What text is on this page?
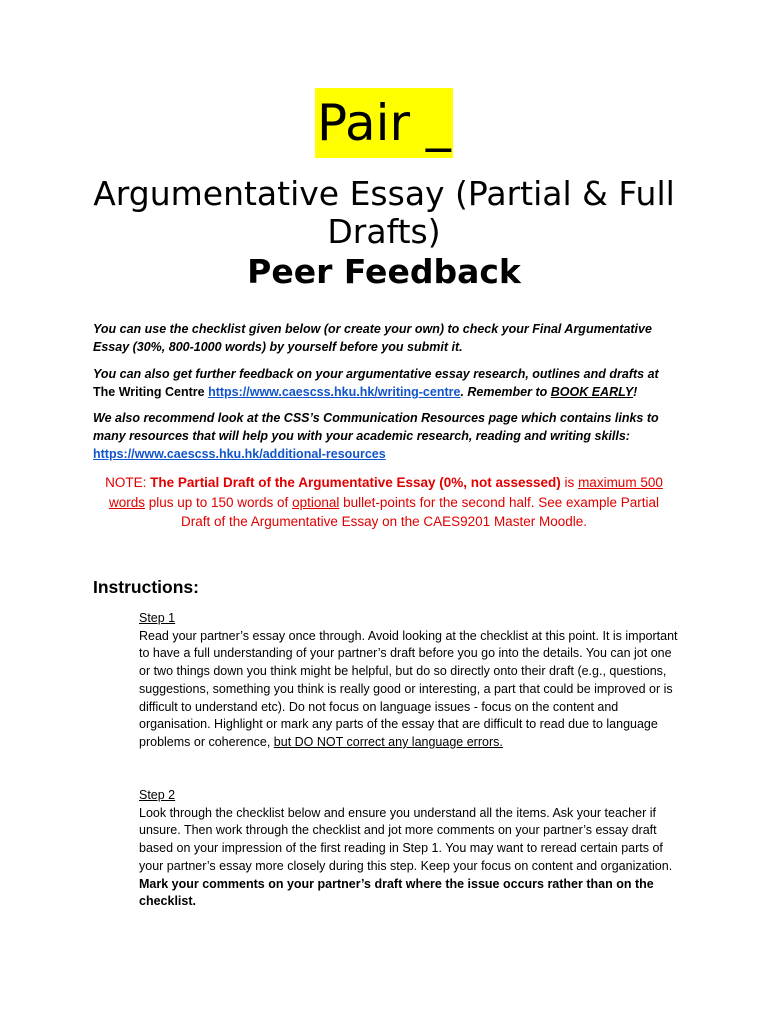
Pair _
Argumentative Essay (Partial & Full Drafts)
Peer Feedback
You can use the checklist given below (or create your own) to check your Final Argumentative Essay (30%, 800-1000 words) by yourself before you submit it.
You can also get further feedback on your argumentative essay research, outlines and drafts at The Writing Centre https://www.caescss.hku.hk/writing-centre. Remember to BOOK EARLY!
We also recommend look at the CSS’s Communication Resources page which contains links to many resources that will help you with your academic research, reading and writing skills: https://www.caescss.hku.hk/additional-resources
NOTE: The Partial Draft of the Argumentative Essay (0%, not assessed) is maximum 500 words plus up to 150 words of optional bullet-points for the second half. See example Partial Draft of the Argumentative Essay on the CAES9201 Master Moodle.
Instructions:
Step 1
Read your partner’s essay once through. Avoid looking at the checklist at this point. It is important to have a full understanding of your partner’s draft before you go into the details. You can jot one or two things down you think might be helpful, but do so directly onto their draft (e.g., questions, suggestions, something you think is really good or interesting, a part that could be improved or is difficult to understand etc). Do not focus on language issues - focus on the content and organisation. Highlight or mark any parts of the essay that are difficult to read due to language problems or coherence, but DO NOT correct any language errors.
Step 2
Look through the checklist below and ensure you understand all the items. Ask your teacher if unsure. Then work through the checklist and jot more comments on your partner’s essay draft based on your impression of the first reading in Step 1. You may want to reread certain parts of your partner’s essay more closely during this step. Keep your focus on content and organization. Mark your comments on your partner’s draft where the issue occurs rather than on the checklist.
